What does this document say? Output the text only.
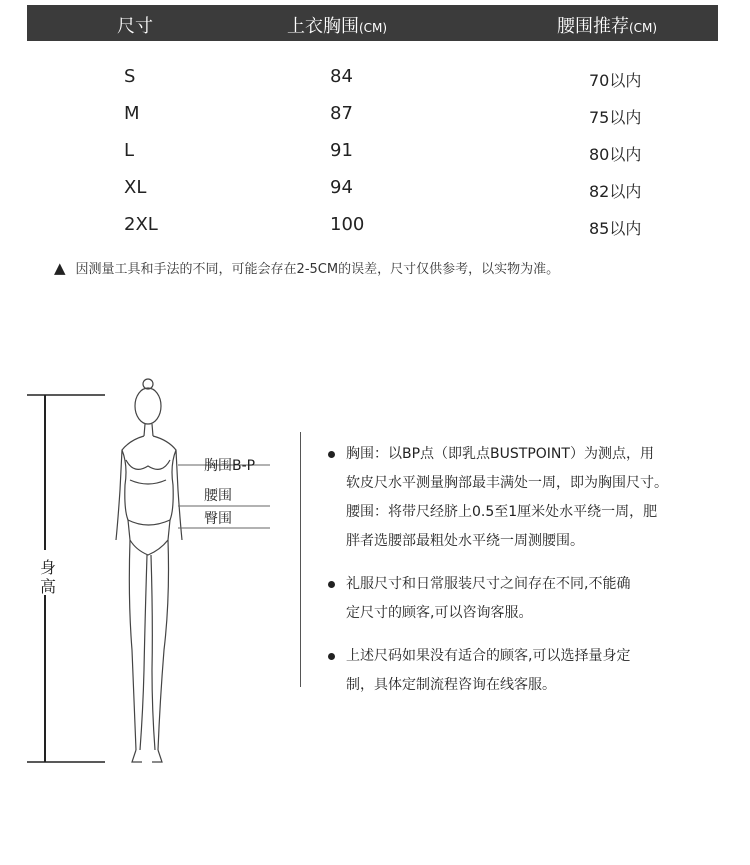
尺寸	上衣胸围(CM)	腰围推荐(CM)
S	84	70以内
M	87	75以内
L	91	80以内
XL	94	82以内
2XL	100	85以内
▲ 因测量工具和手法的不同，可能会存在2-5CM的误差，尺寸仅供参考，以实物为准。
身
高
胸围B-P
腰围
臀围

胸围：以BP点（即乳点BUSTPOINT）为测点，用

软皮尺水平测量胸部最丰满处一周，即为胸围尺寸。

腰围：将带尺经脐上0.5至1厘米处水平绕一周，肥

胖者选腰部最粗处水平绕一周测腰围。

礼服尺寸和日常服装尺寸之间存在不同,不能确

定尺寸的顾客,可以咨询客服。

上述尺码如果没有适合的顾客,可以选择量身定

制，具体定制流程咨询在线客服。
